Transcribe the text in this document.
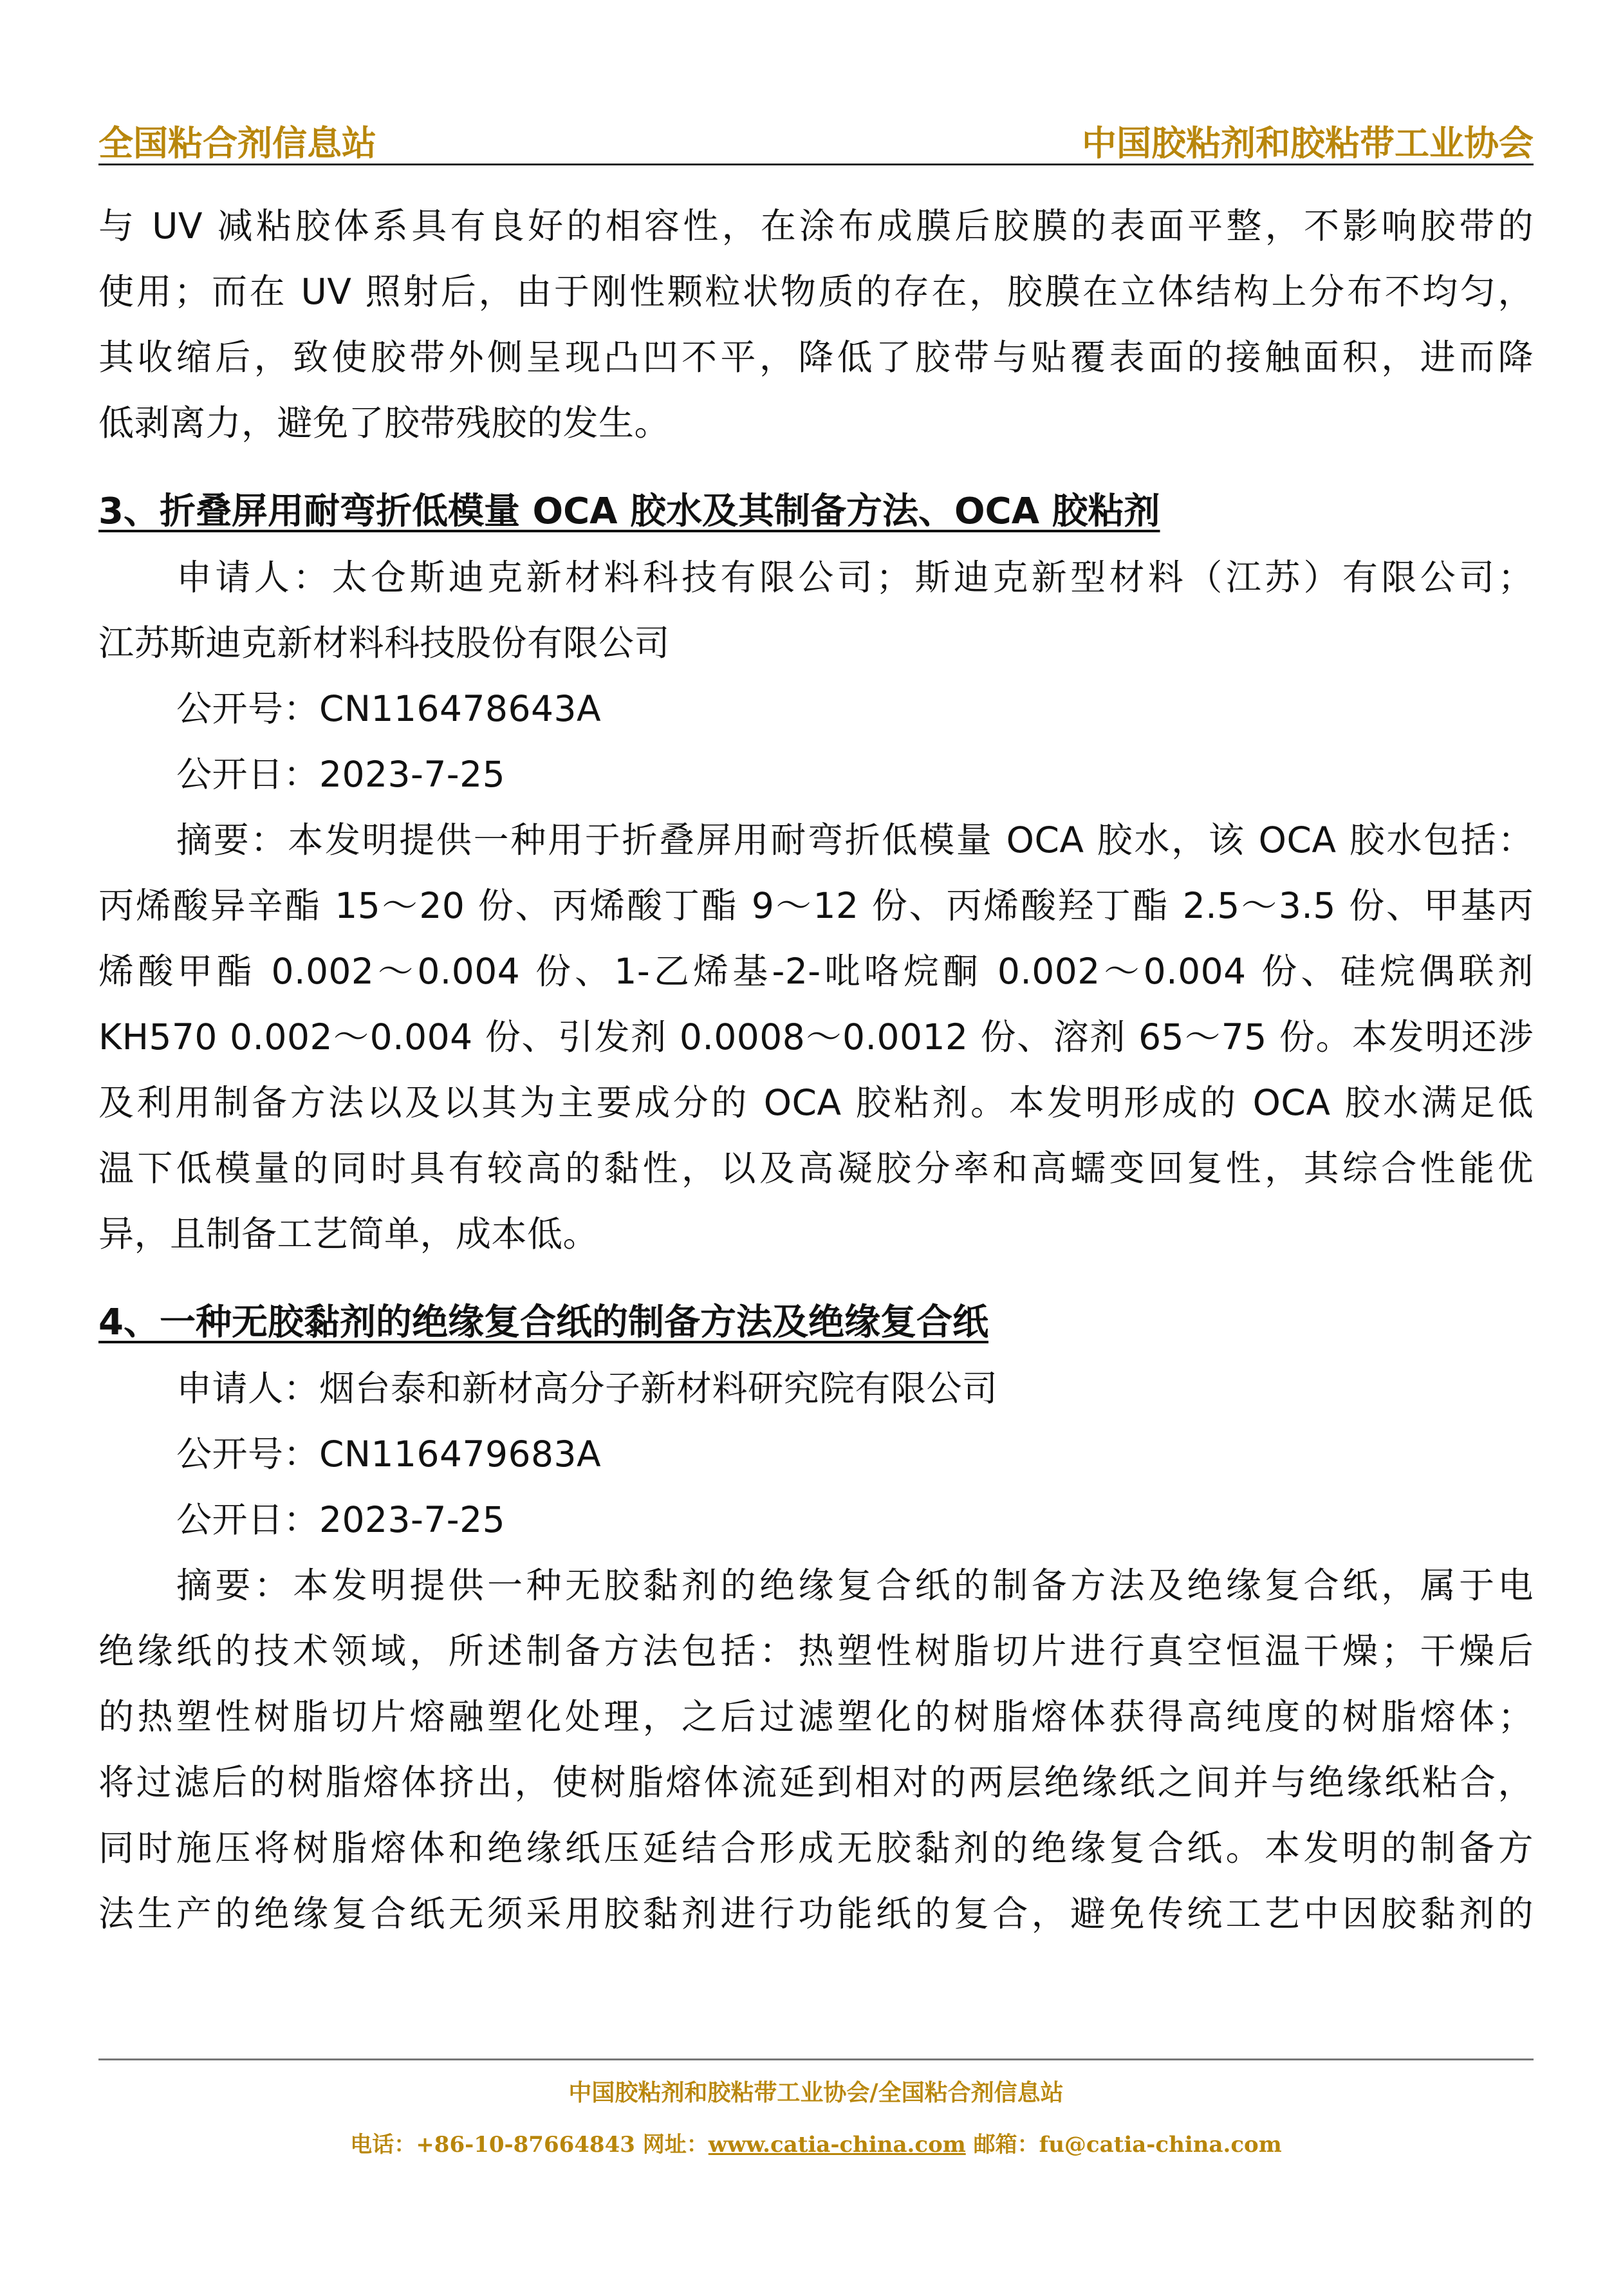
全国粘合剂信息站	中国胶粘剂和胶粘带工业协会

与 UV 减粘胶体系具有良好的相容性，在涂布成膜后胶膜的表面平整，不影响胶带的

使用；而在 UV 照射后，由于刚性颗粒状物质的存在，胶膜在立体结构上分布不均匀，

其收缩后，致使胶带外侧呈现凸凹不平，降低了胶带与贴覆表面的接触面积，进而降

低剥离力，避免了胶带残胶的发生。

3、折叠屏用耐弯折低模量 OCA 胶水及其制备方法、OCA 胶粘剂

申请人：太仓斯迪克新材料科技有限公司；斯迪克新型材料（江苏）有限公司；

江苏斯迪克新材料科技股份有限公司

公开号：CN116478643A

公开日：2023-7-25

摘要：本发明提供一种用于折叠屏用耐弯折低模量 OCA 胶水，该 OCA 胶水包括：

丙烯酸异辛酯 15～20 份、丙烯酸丁酯 9～12 份、丙烯酸羟丁酯 2.5～3.5 份、甲基丙

烯酸甲酯 0.002～0.004 份、1-乙烯基-2-吡咯烷酮 0.002～0.004 份、硅烷偶联剂

KH570 0.002～0.004 份、引发剂 0.0008～0.0012 份、溶剂 65～75 份。本发明还涉

及利用制备方法以及以其为主要成分的 OCA 胶粘剂。本发明形成的 OCA 胶水满足低

温下低模量的同时具有较高的黏性，以及高凝胶分率和高蠕变回复性，其综合性能优

异，且制备工艺简单，成本低。

4、一种无胶黏剂的绝缘复合纸的制备方法及绝缘复合纸

申请人：烟台泰和新材高分子新材料研究院有限公司

公开号：CN116479683A

公开日：2023-7-25

摘要：本发明提供一种无胶黏剂的绝缘复合纸的制备方法及绝缘复合纸，属于电

绝缘纸的技术领域，所述制备方法包括：热塑性树脂切片进行真空恒温干燥；干燥后

的热塑性树脂切片熔融塑化处理，之后过滤塑化的树脂熔体获得高纯度的树脂熔体；

将过滤后的树脂熔体挤出，使树脂熔体流延到相对的两层绝缘纸之间并与绝缘纸粘合，

同时施压将树脂熔体和绝缘纸压延结合形成无胶黏剂的绝缘复合纸。本发明的制备方

法生产的绝缘复合纸无须采用胶黏剂进行功能纸的复合，避免传统工艺中因胶黏剂的

中国胶粘剂和胶粘带工业协会/全国粘合剂信息站
电话：+86-10-87664843 网址：www.catia-china.com 邮箱：fu@catia-china.com
